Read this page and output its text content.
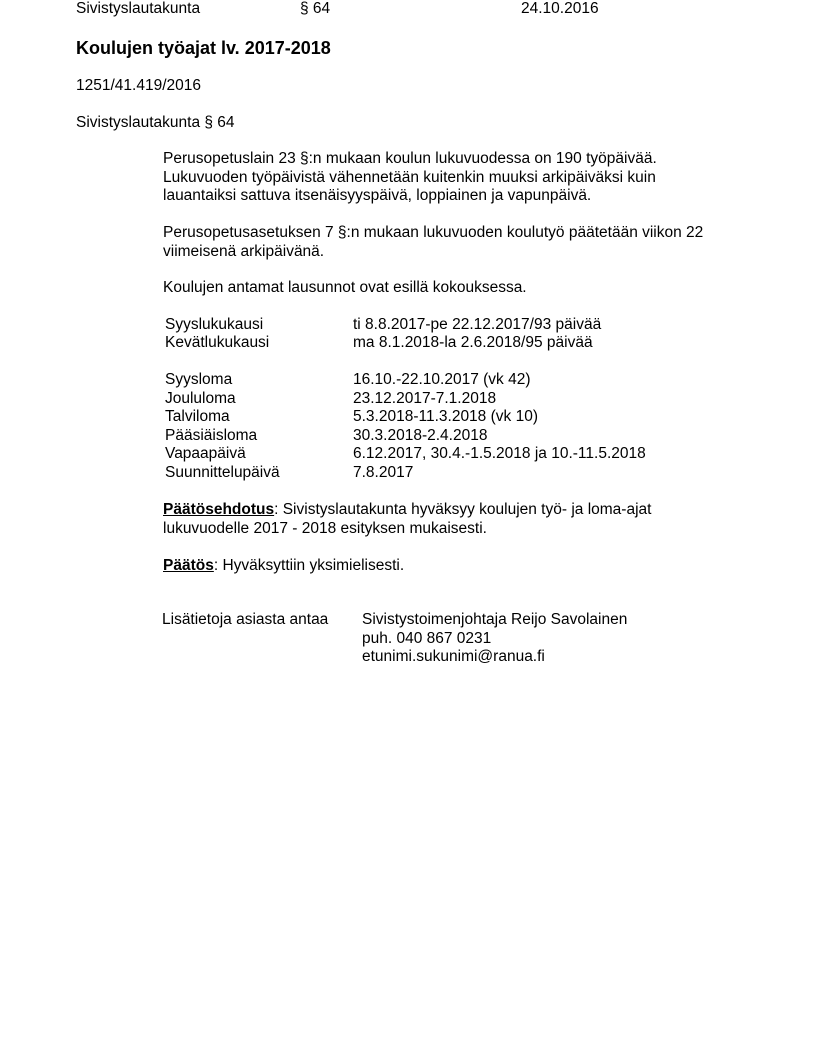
Sivistyslautakunta	§ 64	24.10.2016
Koulujen työajat lv. 2017-2018
1251/41.419/2016
Sivistyslautakunta § 64
Perusopetuslain 23 §:n mukaan koulun lukuvuodessa on 190 työpäivää.
Lukuvuoden työpäivistä vähennetään kuitenkin muuksi arkipäiväksi kuin
lauantaiksi sattuva itsenäisyyspäivä, loppiainen ja vapunpäivä.
Perusopetusasetuksen 7 §:n mukaan lukuvuoden koulutyö päätetään viikon 22
viimeisenä arkipäivänä.
Koulujen antamat lausunnot ovat esillä kokouksessa.
Syyslukukausi	ti 8.8.2017-pe 22.12.2017/93 päivää
Kevätlukukausi	ma 8.1.2018-la 2.6.2018/95 päivää
Syysloma	16.10.-22.10.2017 (vk 42)
Joululoma	23.12.2017-7.1.2018
Talviloma	5.3.2018-11.3.2018 (vk 10)
Pääsiäisloma	30.3.2018-2.4.2018
Vapaapäivä	6.12.2017, 30.4.-1.5.2018 ja 10.-11.5.2018
Suunnittelupäivä	7.8.2017
Päätösehdotus: Sivistyslautakunta hyväksyy koulujen työ- ja loma-ajat
lukuvuodelle 2017 - 2018 esityksen mukaisesti.
Päätös: Hyväksyttiin yksimielisesti.
Lisätietoja asiasta antaa Sivistystoimenjohtaja Reijo Savolainen
puh. 040 867 0231
etunimi.sukunimi@ranua.fi
